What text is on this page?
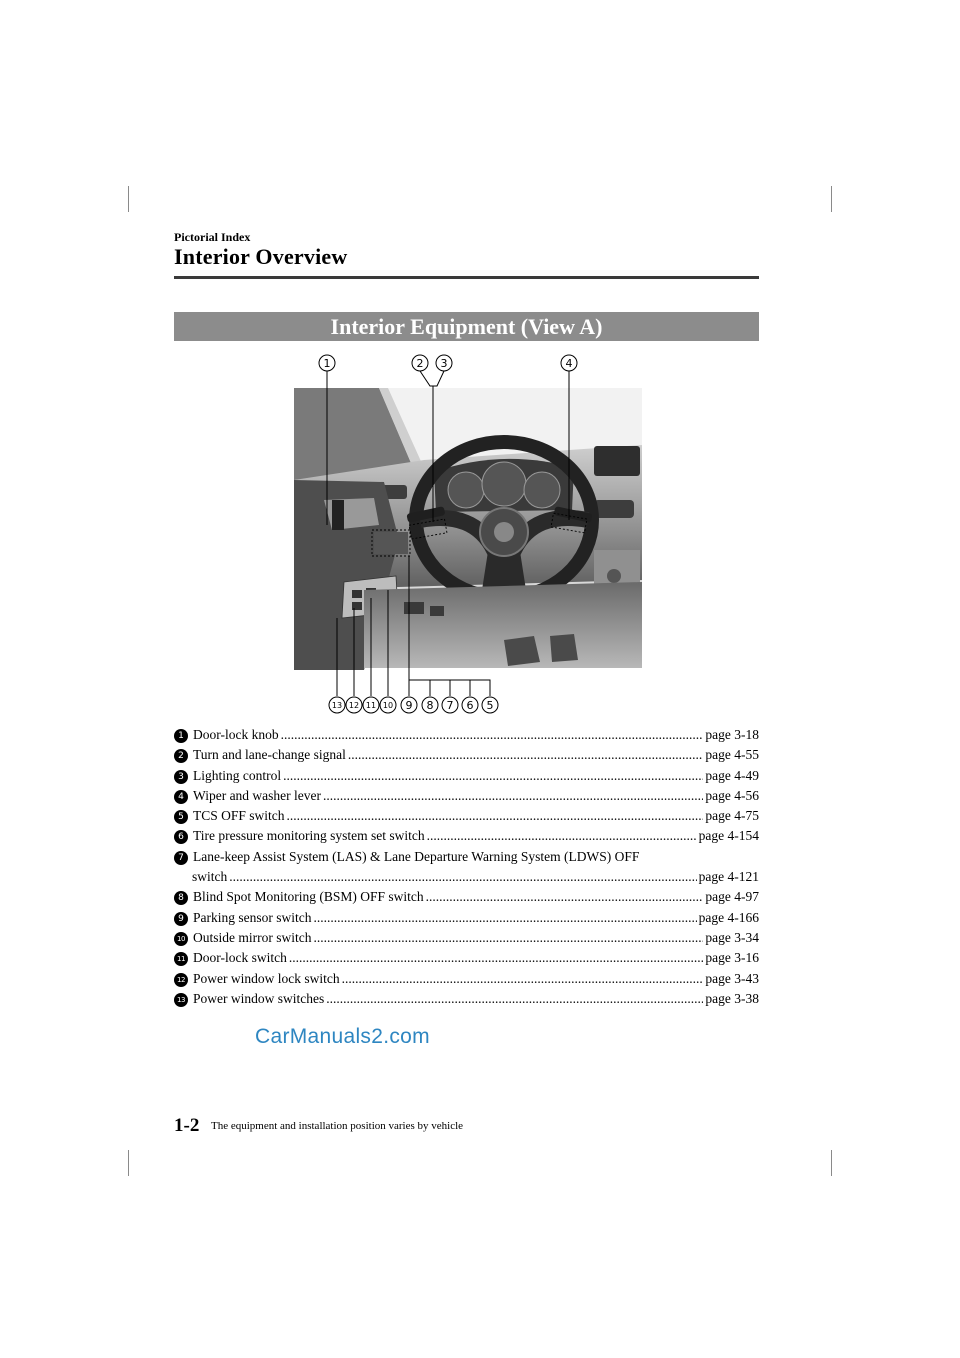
Pictorial Index
Interior Overview
Interior Equipment (View A)
1	2 3	4
13 12 11 10 9 8 7 6 5
1 Door-lock knob .....	page 3-18
2 Turn and lane-change signal .....	page 4-55
3 Lighting control .....	page 4-49
4 Wiper and washer lever .....	page 4-56
5 TCS OFF switch .....	page 4-75
6 Tire pressure monitoring system set switch .....	page 4-154
7 Lane-keep Assist System (LAS) & Lane Departure Warning System (LDWS) OFF
switch .....	page 4-121
8 Blind Spot Monitoring (BSM) OFF switch .....	page 4-97
9 Parking sensor switch .....	page 4-166
10 Outside mirror switch .....	page 3-34
11 Door-lock switch .....	page 3-16
12 Power window lock switch .....	page 3-43
13 Power window switches .....	page 3-38
CarManuals2.com
1-2 The equipment and installation position varies by vehicle
